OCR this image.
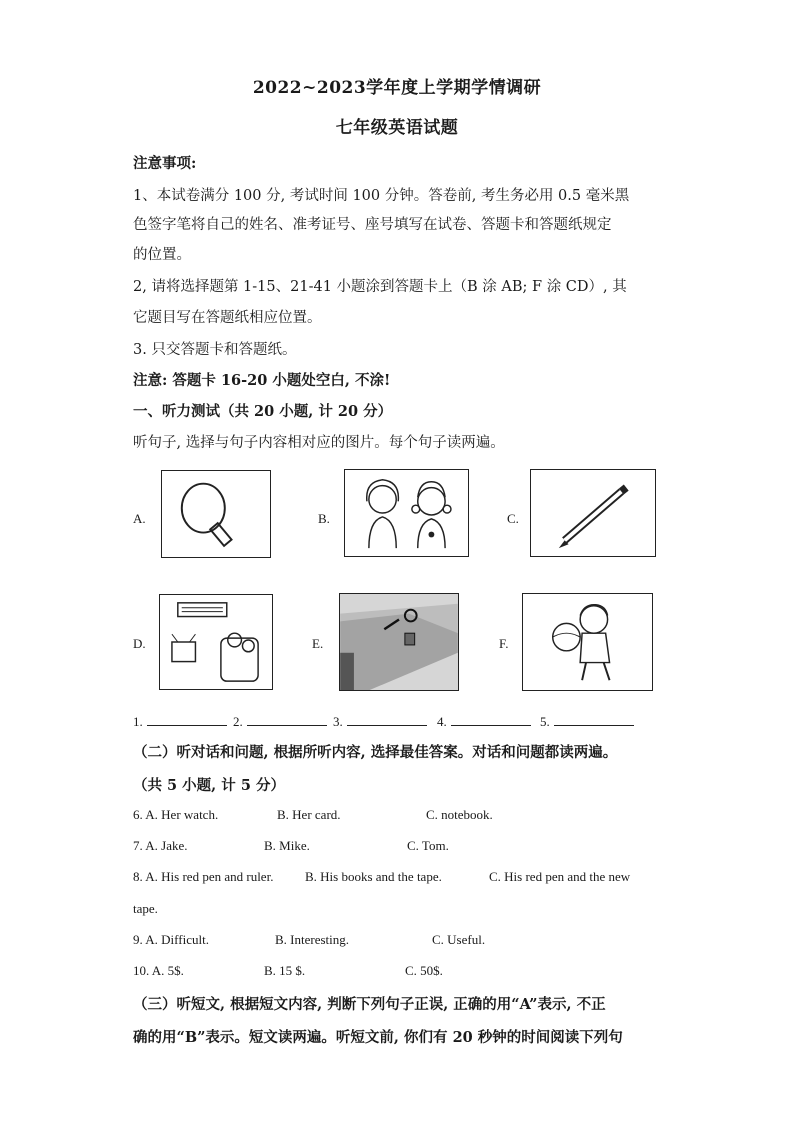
2022~2023学年度上学期学情调研
七年级英语试题
注意事项:
1、本试卷满分 100 分, 考试时间 100 分钟。答卷前, 考生务必用 0.5 毫米黑
色签字笔将自己的姓名、准考证号、座号填写在试卷、答题卡和答题纸规定
的位置。
2, 请将选择题第 1-15、21-41 小题涂到答题卡上（B 涂 AB; F 涂 CD）, 其
它题目写在答题纸相应位置。
3. 只交答题卡和答题纸。
注意: 答题卡 16-20 小题处空白, 不涂!
一、听力测试（共 20 小题, 计 20 分）
听句子, 选择与句子内容相对应的图片。每个句子读两遍。
A.	B.	C.
D.	E.	F.
1.	2.	3.	4.	5.
（二）听对话和问题, 根据所听内容, 选择最佳答案。对话和问题都读两遍。
（共 5 小题, 计 5 分）
6. A. Her watch.	B. Her card.	C. notebook.
7. A. Jake.	B. Mike.	C. Tom.
8. A. His red pen and ruler. B. His books and the tape.	C. His red pen and the new
tape.
9. A. Difficult.	B. Interesting.	C. Useful.
10. A. 5$.	B. 15 $.	C. 50$.
（三）听短文, 根据短文内容, 判断下列句子正误, 正确的用“A”表示, 不正
确的用“B”表示。短文读两遍。听短文前, 你们有 20 秒钟的时间阅读下列句
